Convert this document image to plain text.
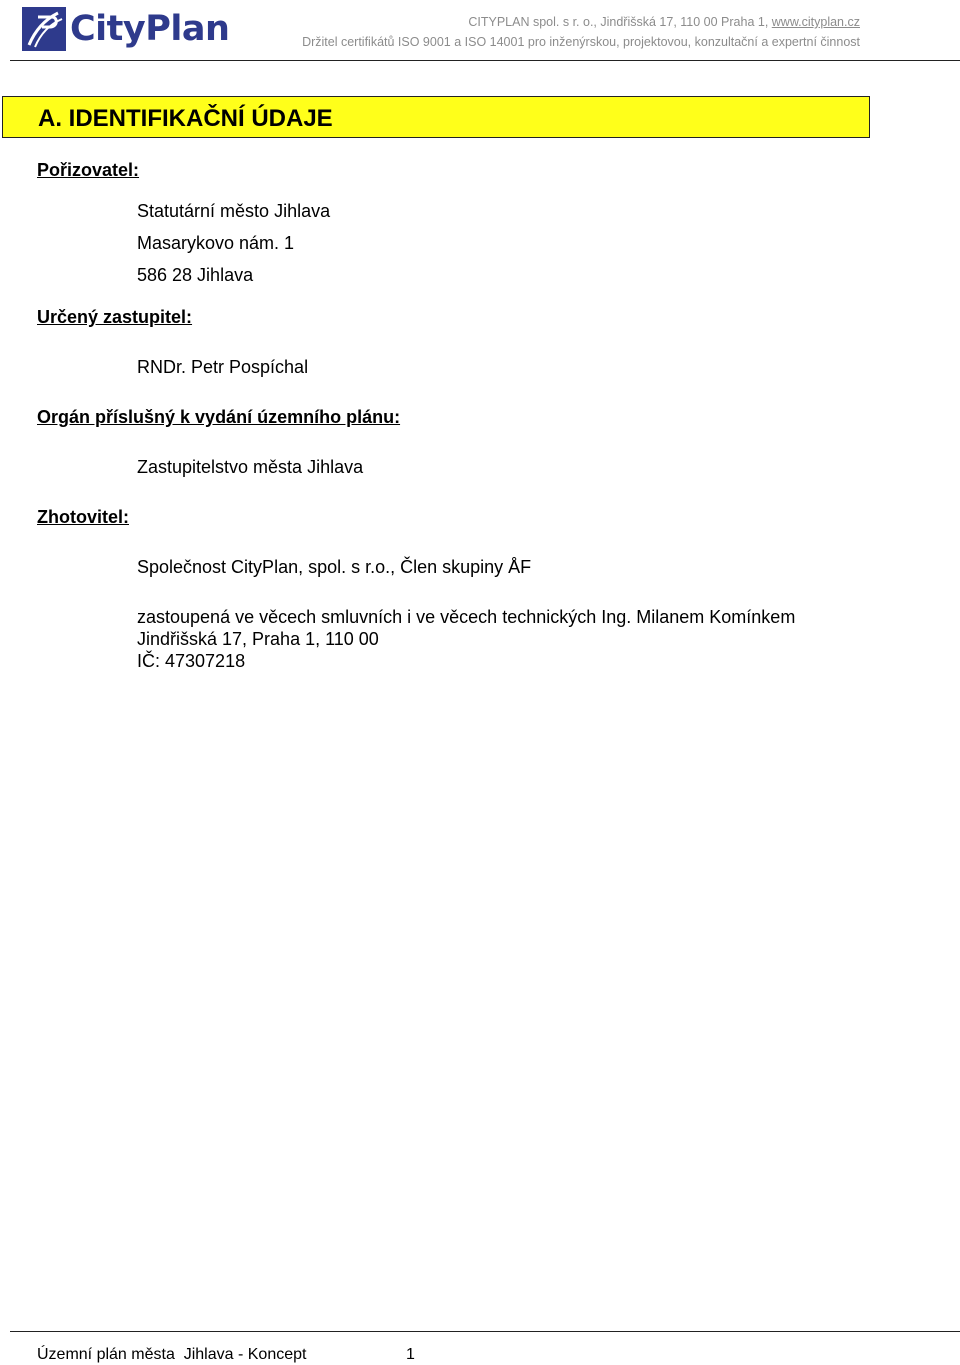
CityPlan	CITYPLAN spol. s r. o., Jindřišská 17, 110 00 Praha 1, www.cityplan.cz
Držitel certifikátů ISO 9001 a ISO 14001 pro inženýrskou, projektovou, konzultační a expertní činnost
A. IDENTIFIKAČNÍ ÚDAJE
Pořizovatel:
Statutární město Jihlava
Masarykovo nám. 1
586 28 Jihlava
Určený zastupitel:
RNDr. Petr Pospíchal
Orgán příslušný k vydání územního plánu:
Zastupitelstvo města Jihlava
Zhotovitel:
Společnost CityPlan, spol. s r.o., Člen skupiny ÅF
zastoupená ve věcech smluvních i ve věcech technických Ing. Milanem Komínkem
Jindřišská 17, Praha 1, 110 00
IČ: 47307218
Územní plán města  Jihlava - Koncept	1
